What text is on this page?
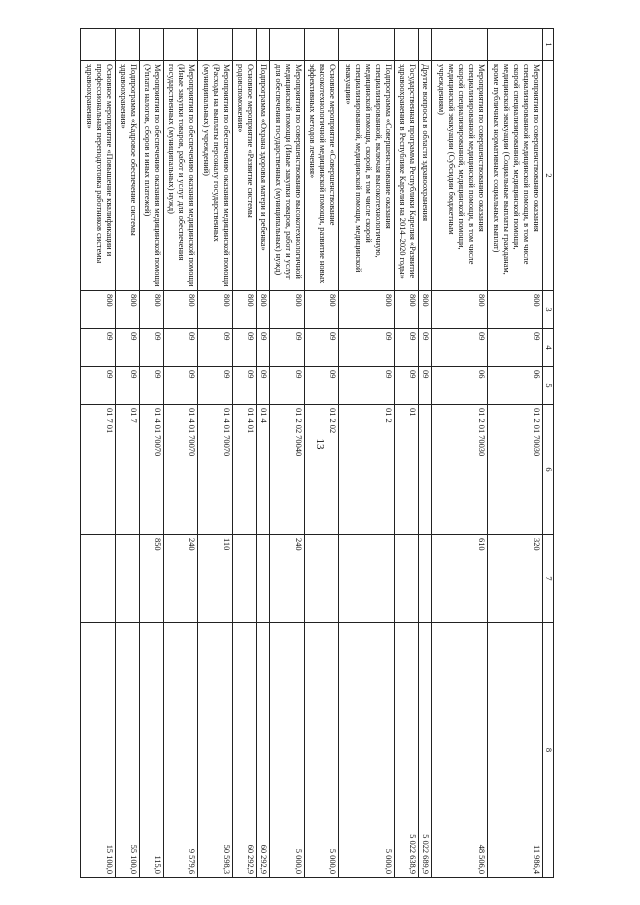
13
1	2	3	4	5	6	7	8
	Мероприятия по совершенствованию оказания специализированной медицинской помощи, в том числе скорой специализированной, медицинской помощи, медицинской эвакуации (Социальные выплаты гражданам, кроме публичных нормативных социальных выплат)	800	09	06	01 2 01 70030	320	11 986,4
	Мероприятия по совершенствованию оказания специализированной медицинской помощи, в том числе скорой специализированной, медицинской помощи, медицинской эвакуации (Субсидии бюджетным учреждениям)	800	09	06	01 2 01 70030	610	48 506,0
	Другие вопросы в области здравоохранения	800	09	09			5 022 689,9
	Государственная программа Республики Карелия «Развитие здравоохранения в Республике Карелия на 2014–2020 годы»	800	09	09	01		5 022 638,9
	Подпрограмма «Совершенствование оказания специализированной, включая высокотехнологичную, медицинской помощи, скорой, в том числе скорой специализированной, медицинской помощи, медицинской эвакуации»	800	09	09	01 2		5 000,0
	Основное мероприятие «Совершенствование высокотехнологичной медицинской помощи, развитие новых эффективных методов лечения»	800	09	09	01 2 02		5 000,0
	Мероприятия по совершенствованию высокотехнологичной медицинской помощи (Иные закупки товаров, работ и услуг для обеспечения государственных (муниципальных) нужд)	800	09	09	01 2 02 70040	240	5 000,0
	Подпрограмма «Охрана здоровья матери и ребенка»	800	09	09	01 4		60 292,9
	Основное мероприятие «Развитие системы родовспоможения»	800	09	09	01 4 01		60 292,9
	Мероприятия по обеспечению оказания медицинской помощи (Расходы на выплаты персоналу государственных (муниципальных) учреждений)	800	09	09	01 4 01 70070	110	50 598,3
	Мероприятия по обеспечению оказания медицинской помощи (Иные закупки товаров, работ и услуг для обеспечения государственных (муниципальных) нужд)	800	09	09	01 4 01 70070	240	9 579,6
	Мероприятия по обеспечению оказания медицинской помощи (Уплата налогов, сборов и иных платежей)	800	09	09	01 4 01 70070	850	115,0
	Подпрограмма «Кадровое обеспечение системы здравоохранения»	800	09	09	01 7		55 100,0
	Основное мероприятие «Повышение квалификации и профессиональная переподготовка работников системы здравоохранения»	800	09	09	01 7 01		15 100,0
